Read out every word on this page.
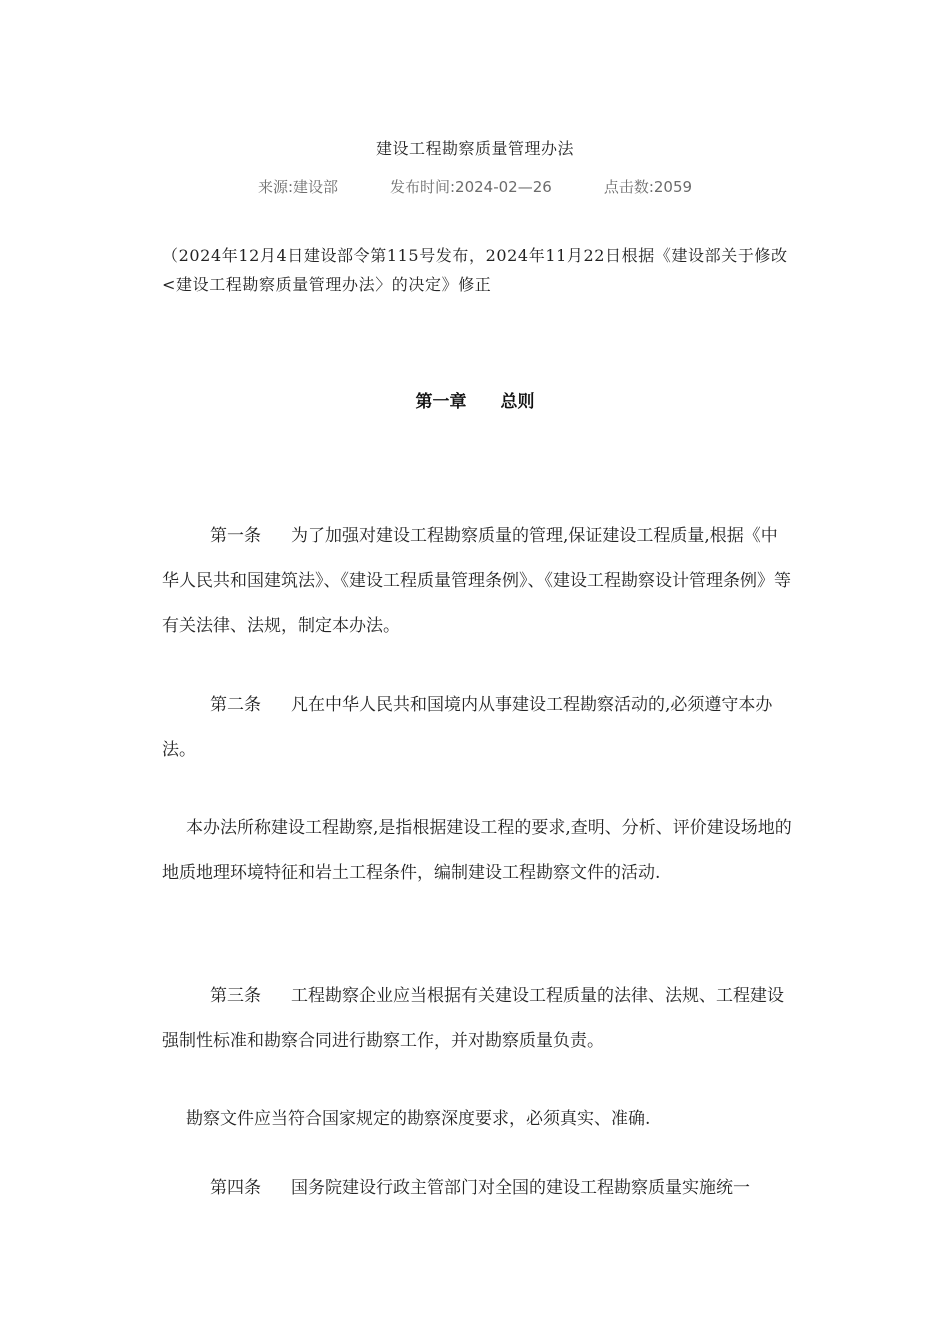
建设工程勘察质量管理办法
来源:建设部	发布时间:2024-02—26	点击数:2059
（2024年12月4日建设部令第115号发布，2024年11月22日根据《建设部关于修改<建设工程勘察质量管理办法〉的决定》修正
第一章 总则
第一条 为了加强对建设工程勘察质量的管理,保证建设工程质量,根据《中华人民共和国建筑法》、《建设工程质量管理条例》、《建设工程勘察设计管理条例》等有关法律、法规，制定本办法。
第二条 凡在中华人民共和国境内从事建设工程勘察活动的,必须遵守本办法。
本办法所称建设工程勘察,是指根据建设工程的要求,查明、分析、评价建设场地的地质地理环境特征和岩土工程条件，编制建设工程勘察文件的活动.
第三条 工程勘察企业应当根据有关建设工程质量的法律、法规、工程建设强制性标准和勘察合同进行勘察工作，并对勘察质量负责。
勘察文件应当符合国家规定的勘察深度要求，必须真实、准确.
第四条 国务院建设行政主管部门对全国的建设工程勘察质量实施统一
